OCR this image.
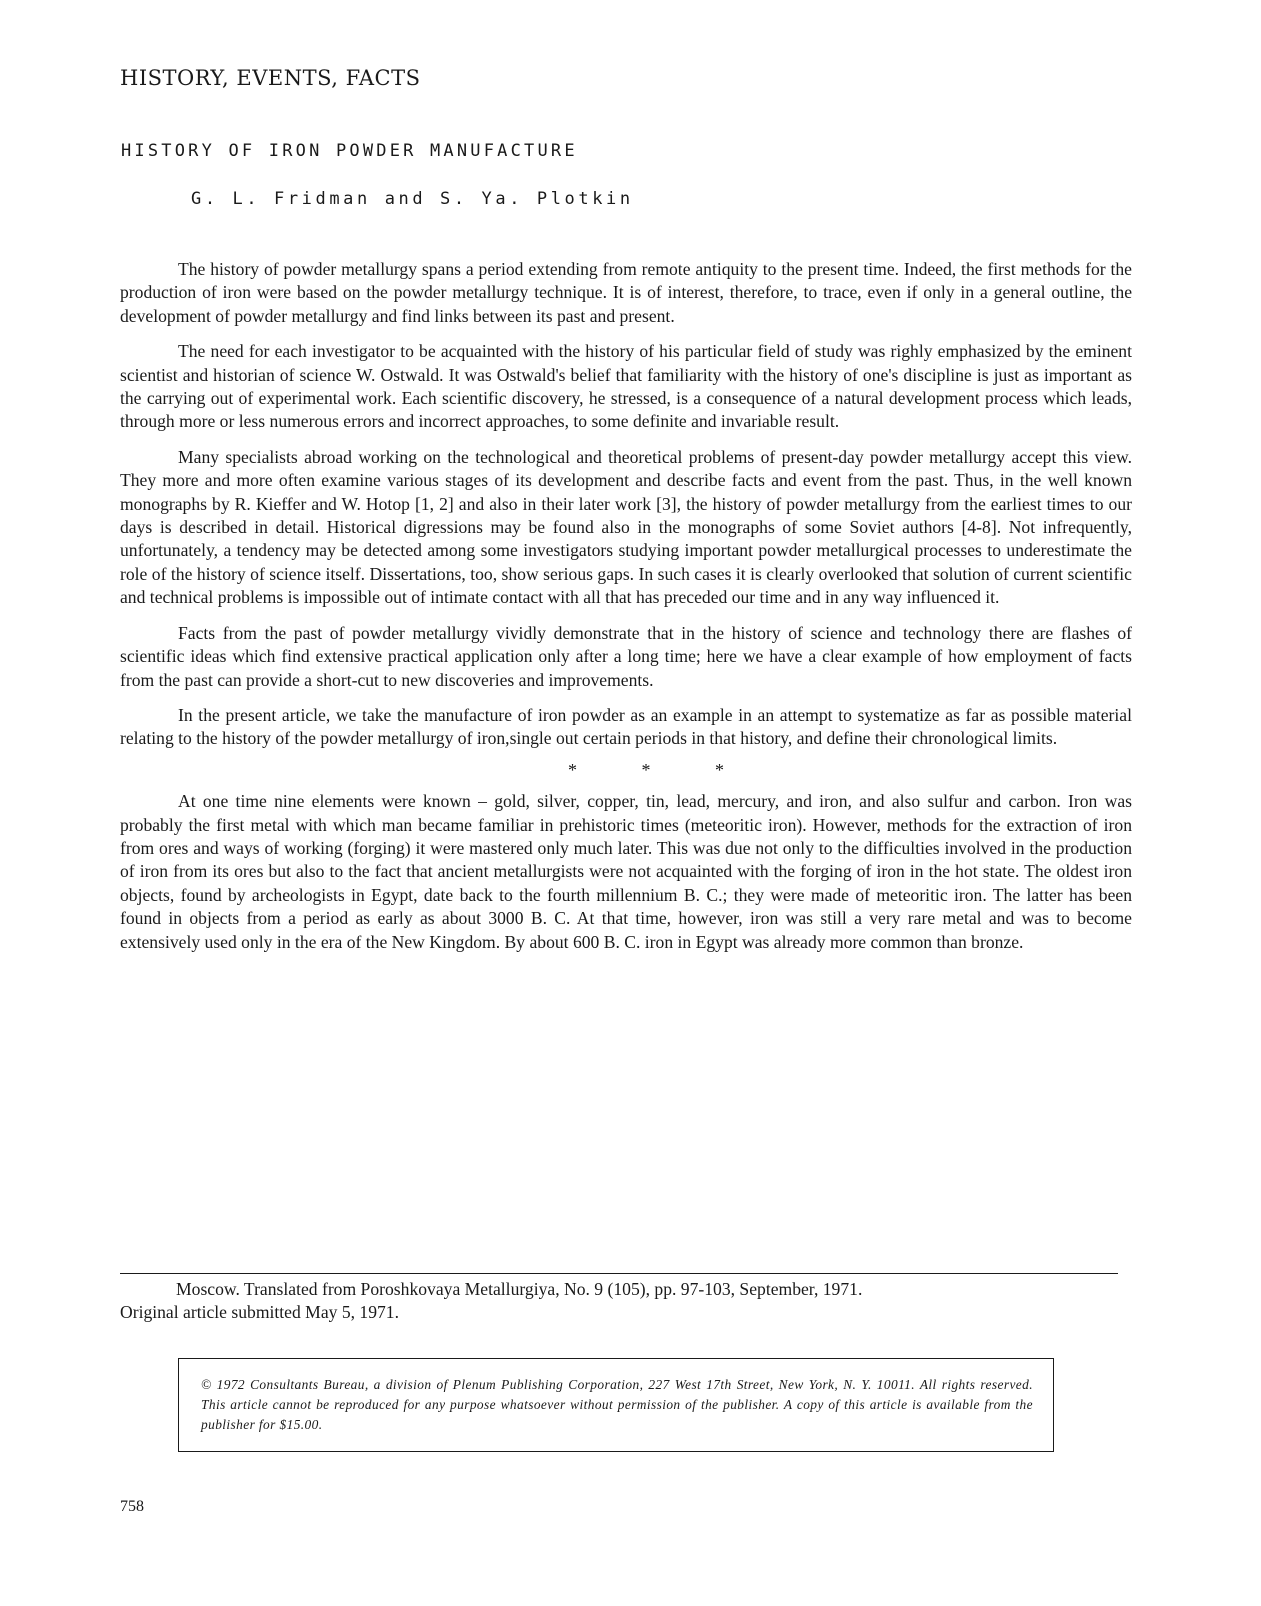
HISTORY, EVENTS, FACTS
HISTORY OF IRON POWDER MANUFACTURE
G. L. Fridman and S. Ya. Plotkin

The history of powder metallurgy spans a period extending from remote antiquity to the present time. Indeed, the first methods for the production of iron were based on the powder metallurgy technique. It is of interest, therefore, to trace, even if only in a general outline, the development of powder metallurgy and find links between its past and present.

The need for each investigator to be acquainted with the history of his particular field of study was righly emphasized by the eminent scientist and historian of science W. Ostwald. It was Ostwald's belief that familiarity with the history of one's discipline is just as important as the carrying out of experimental work. Each scientific discovery, he stressed, is a consequence of a natural development process which leads, through more or less numerous errors and incorrect approaches, to some definite and invariable result.

Many specialists abroad working on the technological and theoretical problems of present-day powder metallurgy accept this view. They more and more often examine various stages of its development and describe facts and event from the past. Thus, in the well known monographs by R. Kieffer and W. Hotop [1, 2] and also in their later work [3], the history of powder metallurgy from the earliest times to our days is described in detail. Historical digressions may be found also in the monographs of some Soviet authors [4-8]. Not infrequently, unfortunately, a tendency may be detected among some investigators studying important powder metallurgical processes to underestimate the role of the history of science itself. Dissertations, too, show serious gaps. In such cases it is clearly overlooked that solution of current scientific and technical problems is impossible out of intimate contact with all that has preceded our time and in any way influenced it.

Facts from the past of powder metallurgy vividly demonstrate that in the history of science and technology there are flashes of scientific ideas which find extensive practical application only after a long time; here we have a clear example of how employment of facts from the past can provide a short-cut to new discoveries and improvements.

In the present article, we take the manufacture of iron powder as an example in an attempt to systematize as far as possible material relating to the history of the powder metallurgy of iron,single out certain periods in that history, and define their chronological limits.

* * *

At one time nine elements were known – gold, silver, copper, tin, lead, mercury, and iron, and also sulfur and carbon. Iron was probably the first metal with which man became familiar in prehistoric times (meteoritic iron). However, methods for the extraction of iron from ores and ways of working (forging) it were mastered only much later. This was due not only to the difficulties involved in the production of iron from its ores but also to the fact that ancient metallurgists were not acquainted with the forging of iron in the hot state. The oldest iron objects, found by archeologists in Egypt, date back to the fourth millennium B. C.; they were made of meteoritic iron. The latter has been found in objects from a period as early as about 3000 B. C. At that time, however, iron was still a very rare metal and was to become extensively used only in the era of the New Kingdom. By about 600 B. C. iron in Egypt was already more common than bronze.

Moscow. Translated from Poroshkovaya Metallurgiya, No. 9 (105), pp. 97-103, September, 1971.
Original article submitted May 5, 1971.
© 1972 Consultants Bureau, a division of Plenum Publishing Corporation, 227 West 17th Street, New York, N. Y. 10011. All rights reserved. This article cannot be reproduced for any purpose whatsoever without permission of the publisher. A copy of this article is available from the publisher for $15.00.
758
